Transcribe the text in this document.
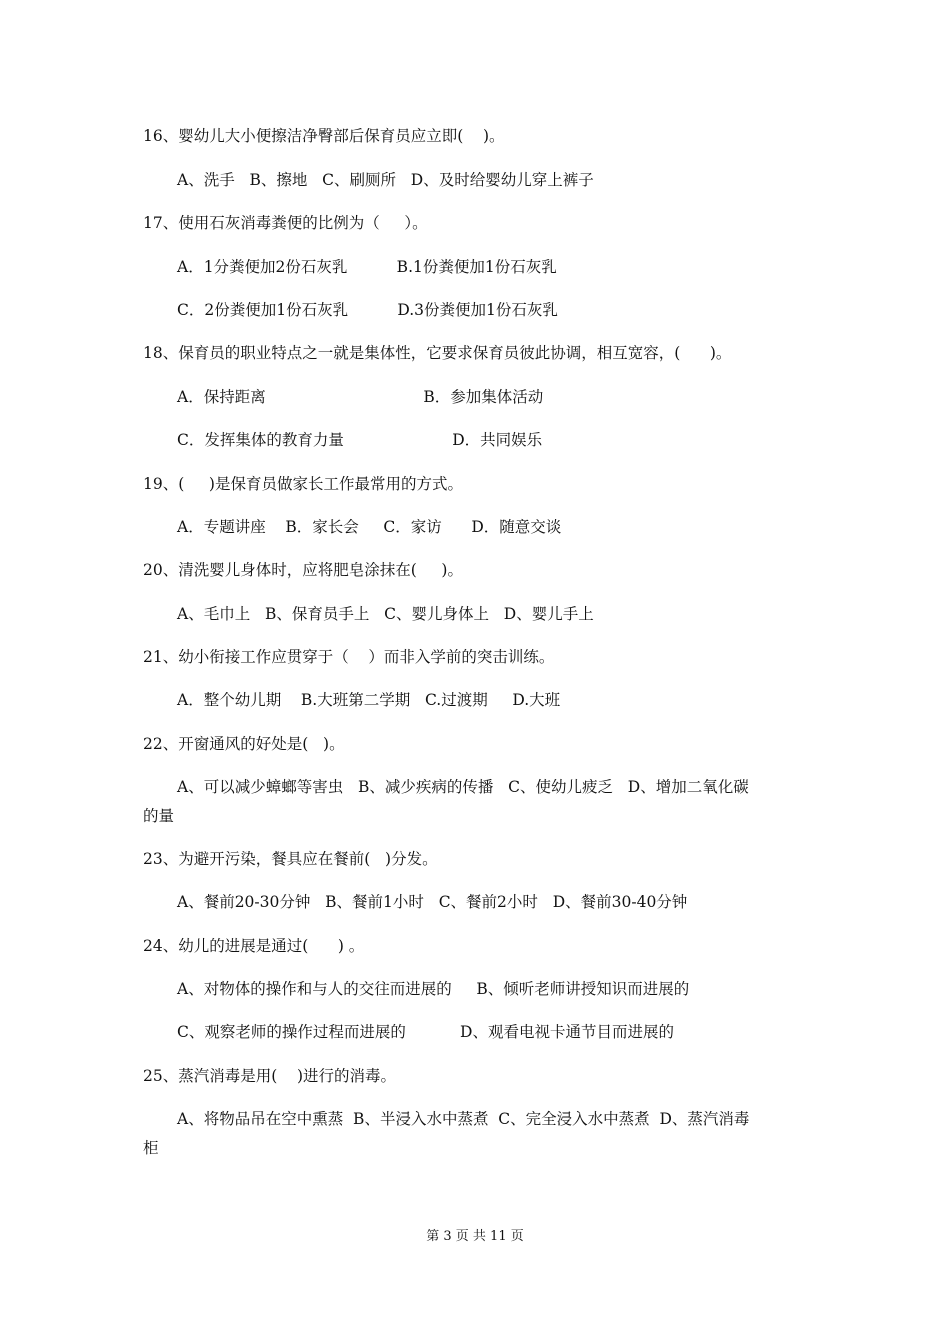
16、婴幼儿大小便擦洁净臀部后保育员应立即(    )。
A、洗手   B、擦地   C、刷厕所   D、及时给婴幼儿穿上裤子
17、使用石灰消毒粪便的比例为（     ）。
A．1分粪便加2份石灰乳          B.1份粪便加1份石灰乳
C．2份粪便加1份石灰乳          D.3份粪便加1份石灰乳
18、保育员的职业特点之一就是集体性，它要求保育员彼此协调，相互宽容，(      )。
A．保持距离                                B．参加集体活动
C．发挥集体的教育力量                      D．共同娱乐
19、(     )是保育员做家长工作最常用的方式。
A．专题讲座    B．家长会     C．家访      D．随意交谈
20、清洗婴儿身体时，应将肥皂涂抹在(     )。
A、毛巾上   B、保育员手上   C、婴儿身体上   D、婴儿手上
21、幼小衔接工作应贯穿于（    ）而非入学前的突击训练。
A．整个幼儿期    B.大班第二学期   C.过渡期     D.大班
22、开窗通风的好处是(   )。
A、可以减少蟑螂等害虫   B、减少疾病的传播   C、使幼儿疲乏   D、增加二氧化碳
的量
23、为避开污染，餐具应在餐前(   )分发。
A、餐前20-30分钟   B、餐前1小时   C、餐前2小时   D、餐前30-40分钟
24、幼儿的进展是通过(      ) 。
A、对物体的操作和与人的交往而进展的     B、倾听老师讲授知识而进展的
C、观察老师的操作过程而进展的           D、观看电视卡通节目而进展的
25、蒸汽消毒是用(    )进行的消毒。
A、将物品吊在空中熏蒸  B、半浸入水中蒸煮  C、完全浸入水中蒸煮  D、蒸汽消毒
柜
第 3 页 共 11 页
